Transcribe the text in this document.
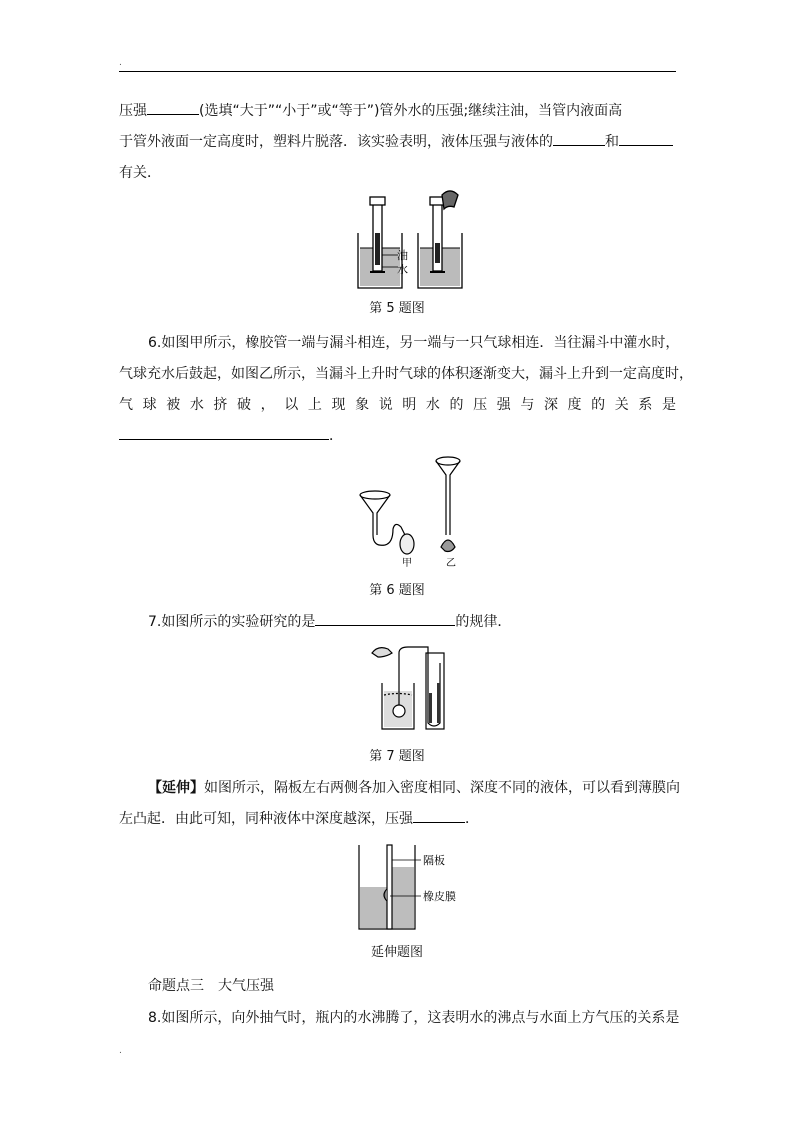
.
压强	(选填“大于”“小于”或“等于”)管外水的压强;继续注油，当管内液面高
于管外液面一定高度时，塑料片脱落．该实验表明，液体压强与液体的	和
有关．
油
水
第 5 题图
6.如图甲所示，橡胶管一端与漏斗相连，另一端与一只气球相连．当往漏斗中灌水时，
气球充水后鼓起，如图乙所示，当漏斗上升时气球的体积逐渐变大，漏斗上升到一定高度时，
气 球 被 水 挤 破 ， 以 上 现 象 说 明 水 的 压 强 与 深 度 的 关 系 是
．
甲	乙
第 6 题图
7.如图所示的实验研究的是	的规律．
第 7 题图
【延伸】如图所示，隔板左右两侧各加入密度相同、深度不同的液体，可以看到薄膜向
左凸起．由此可知，同种液体中深度越深，压强	．
隔板
橡皮膜
延伸题图
命题点三　大气压强
8.如图所示，向外抽气时，瓶内的水沸腾了，这表明水的沸点与水面上方气压的关系是
.
